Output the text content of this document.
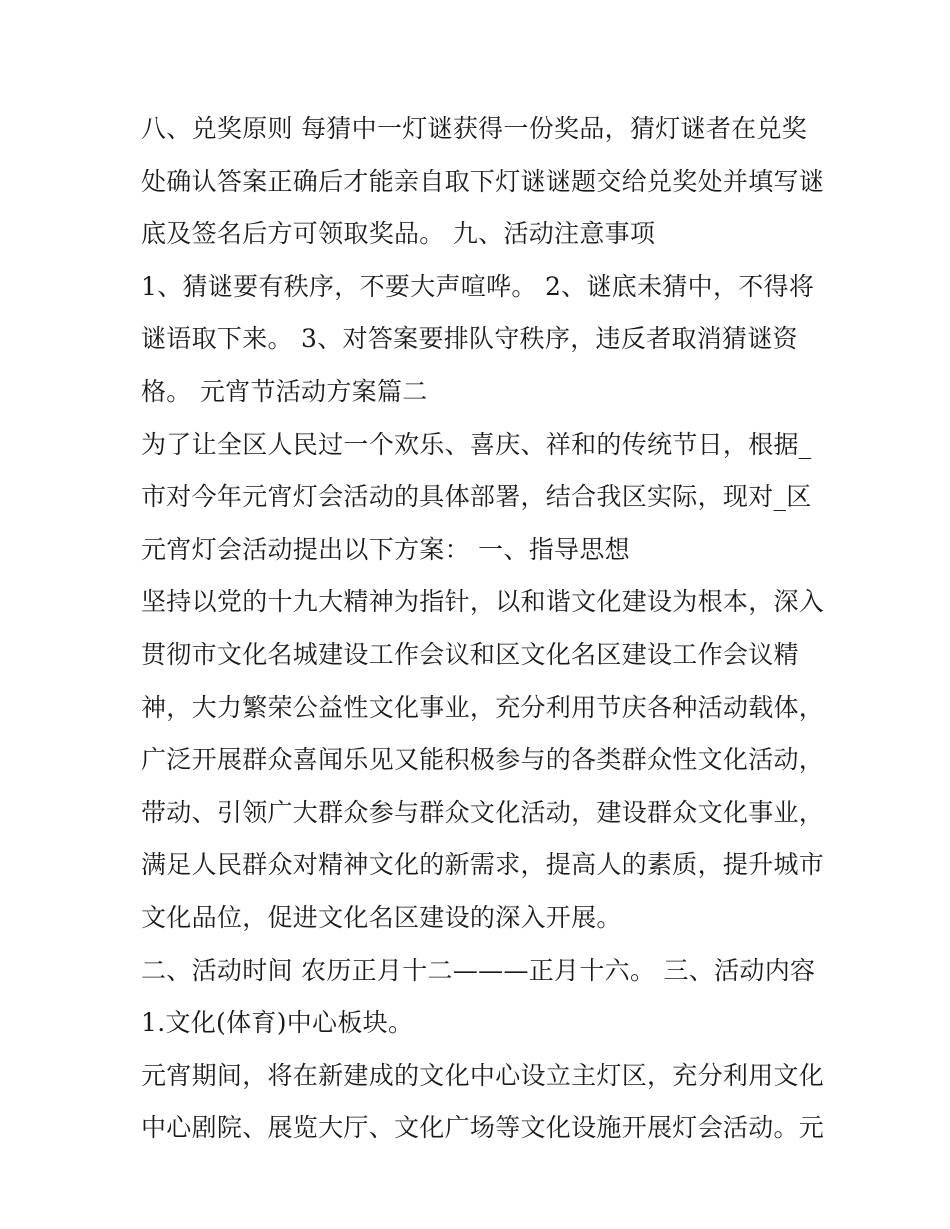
八、兑奖原则 每猜中一灯谜获得一份奖品，猜灯谜者在兑奖
处确认答案正确后才能亲自取下灯谜谜题交给兑奖处并填写谜
底及签名后方可领取奖品。 九、活动注意事项
1、猜谜要有秩序，不要大声喧哗。 2、谜底未猜中，不得将
谜语取下来。 3、对答案要排队守秩序，违反者取消猜谜资
格。 元宵节活动方案篇二
为了让全区人民过一个欢乐、喜庆、祥和的传统节日，根据_
市对今年元宵灯会活动的具体部署，结合我区实际，现对_区
元宵灯会活动提出以下方案： 一、指导思想
坚持以党的十九大精神为指针，以和谐文化建设为根本，深入
贯彻市文化名城建设工作会议和区文化名区建设工作会议精
神，大力繁荣公益性文化事业，充分利用节庆各种活动载体，
广泛开展群众喜闻乐见又能积极参与的各类群众性文化活动，
带动、引领广大群众参与群众文化活动，建设群众文化事业，
满足人民群众对精神文化的新需求，提高人的素质，提升城市
文化品位，促进文化名区建设的深入开展。
二、活动时间 农历正月十二———正月十六。 三、活动内容
1.文化(体育)中心板块。
元宵期间，将在新建成的文化中心设立主灯区，充分利用文化
中心剧院、展览大厅、文化广场等文化设施开展灯会活动。元
